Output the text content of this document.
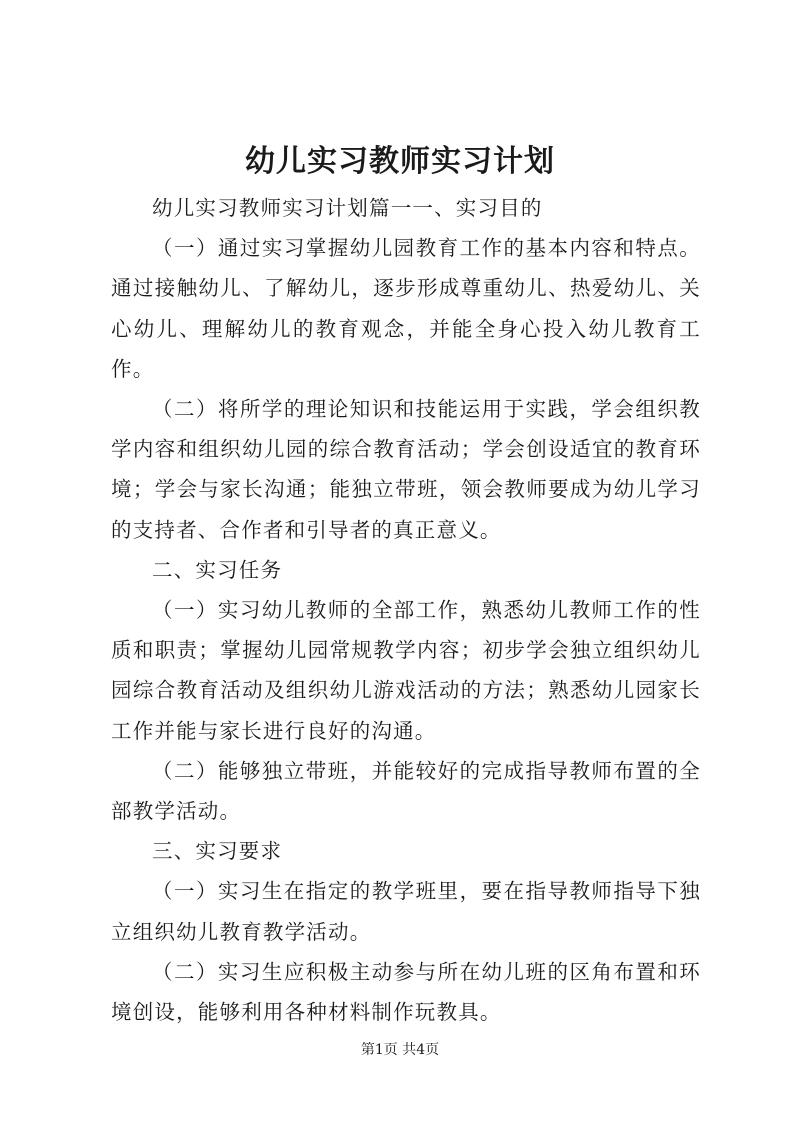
幼儿实习教师实习计划

幼儿实习教师实习计划篇一一、实习目的

（一）通过实习掌握幼儿园教育工作的基本内容和特点。通过接触幼儿、了解幼儿，逐步形成尊重幼儿、热爱幼儿、关心幼儿、理解幼儿的教育观念，并能全身心投入幼儿教育工作。

（二）将所学的理论知识和技能运用于实践，学会组织教学内容和组织幼儿园的综合教育活动；学会创设适宜的教育环境；学会与家长沟通；能独立带班，领会教师要成为幼儿学习的支持者、合作者和引导者的真正意义。

二、实习任务

（一）实习幼儿教师的全部工作，熟悉幼儿教师工作的性质和职责；掌握幼儿园常规教学内容；初步学会独立组织幼儿园综合教育活动及组织幼儿游戏活动的方法；熟悉幼儿园家长工作并能与家长进行良好的沟通。

（二）能够独立带班，并能较好的完成指导教师布置的全部教学活动。

三、实习要求

（一）实习生在指定的教学班里，要在指导教师指导下独立组织幼儿教育教学活动。

（二）实习生应积极主动参与所在幼儿班的区角布置和环境创设，能够利用各种材料制作玩教具。

第1页 共4页
